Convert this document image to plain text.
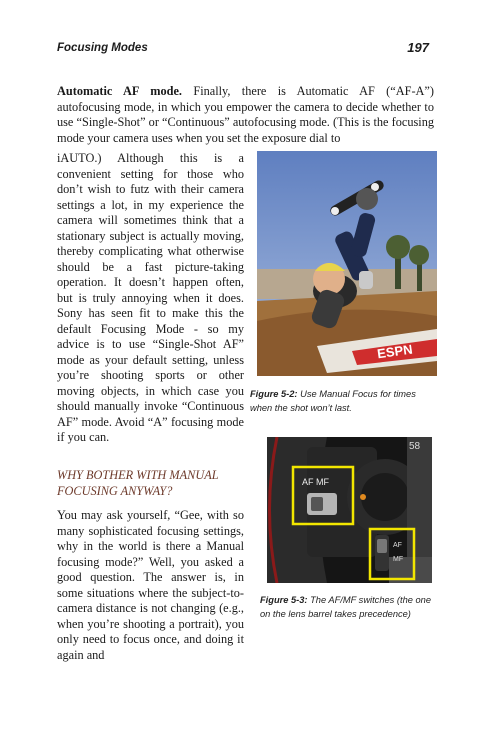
Focusing Modes	197
Automatic AF mode. Finally, there is Automatic AF (“AF-A”) autofocusing mode, in which you empower the camera to decide whether to use “Single-Shot” or “Continuous” autofocusing mode. (This is the focusing mode your camera uses when you set the exposure dial to

iAUTO.) Although this is a convenient setting for those who don’t wish to futz with their camera settings a lot, in my experience the camera will sometimes think that a stationary subject is actually moving, thereby complicating what otherwise should be a fast picture-taking operation. It doesn’t happen often, but is truly annoying when it does. Sony has seen fit to make this the default Focusing Mode - so my advice is to use “Single-Shot AF” mode as your default setting, unless you’re shooting sports or other moving objects, in which case you should manually invoke “Continuous AF” mode. Avoid “A” focusing mode if you can.

WHY BOTHER WITH MANUAL FOCUSING ANYWAY?

You may ask yourself, “Gee, with so many sophisticated focusing settings, why in the world is there a Manual focusing mode?” Well, you asked a good question. The answer is, in some situations where the subject-to-camera distance is not changing (e.g., when you’re shooting a portrait), you only need to focus once, and doing it again and

ESPN
Figure 5-2: Use Manual Focus for times when the shot won’t last.
58
AF MF
AF
MF
Figure 5-3: The AF/MF switches (the one on the lens barrel takes precedence)
